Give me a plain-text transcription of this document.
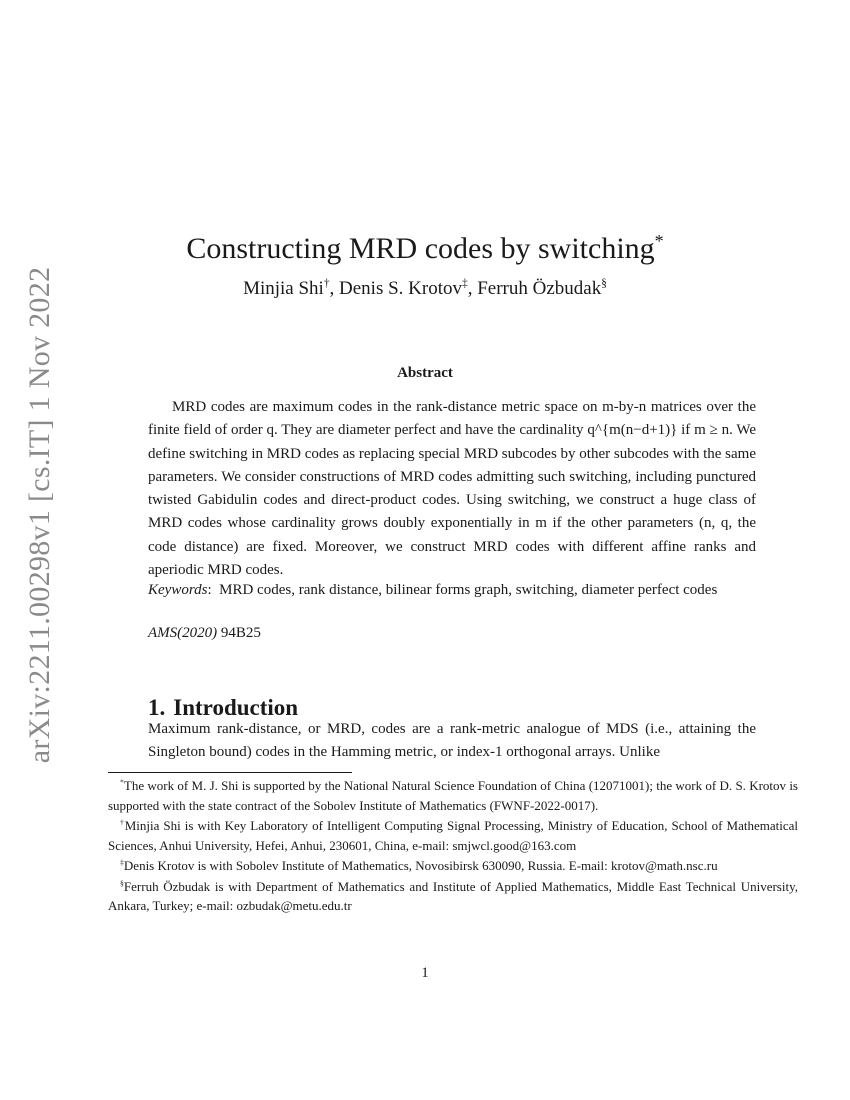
arXiv:2211.00298v1 [cs.IT] 1 Nov 2022
Constructing MRD codes by switching*
Minjia Shi†, Denis S. Krotov‡, Ferruh Özbudak§
Abstract

MRD codes are maximum codes in the rank-distance metric space on m-by-n matrices over the finite field of order q. They are diameter perfect and have the cardinality q^{m(n−d+1)} if m ≥ n. We define switching in MRD codes as replacing special MRD subcodes by other subcodes with the same parameters. We consider constructions of MRD codes admitting such switching, including punctured twisted Gabidulin codes and direct-product codes. Using switching, we construct a huge class of MRD codes whose cardinality grows doubly exponentially in m if the other parameters (n, q, the code distance) are fixed. Moreover, we construct MRD codes with different affine ranks and aperiodic MRD codes.

Keywords:  MRD codes, rank distance, bilinear forms graph, switching, diameter perfect codes

AMS(2020) 94B25
1. Introduction

Maximum rank-distance, or MRD, codes are a rank-metric analogue of MDS (i.e., attaining the Singleton bound) codes in the Hamming metric, or index-1 orthogonal arrays. Unlike

*The work of M. J. Shi is supported by the National Natural Science Foundation of China (12071001); the work of D. S. Krotov is supported with the state contract of the Sobolev Institute of Mathematics (FWNF-2022-0017).

†Minjia Shi is with Key Laboratory of Intelligent Computing Signal Processing, Ministry of Education, School of Mathematical Sciences, Anhui University, Hefei, Anhui, 230601, China, e-mail: smjwcl.good@163.com

‡Denis Krotov is with Sobolev Institute of Mathematics, Novosibirsk 630090, Russia. E-mail: krotov@math.nsc.ru

§Ferruh Özbudak is with Department of Mathematics and Institute of Applied Mathematics, Middle East Technical University, Ankara, Turkey; e-mail: ozbudak@metu.edu.tr

1
